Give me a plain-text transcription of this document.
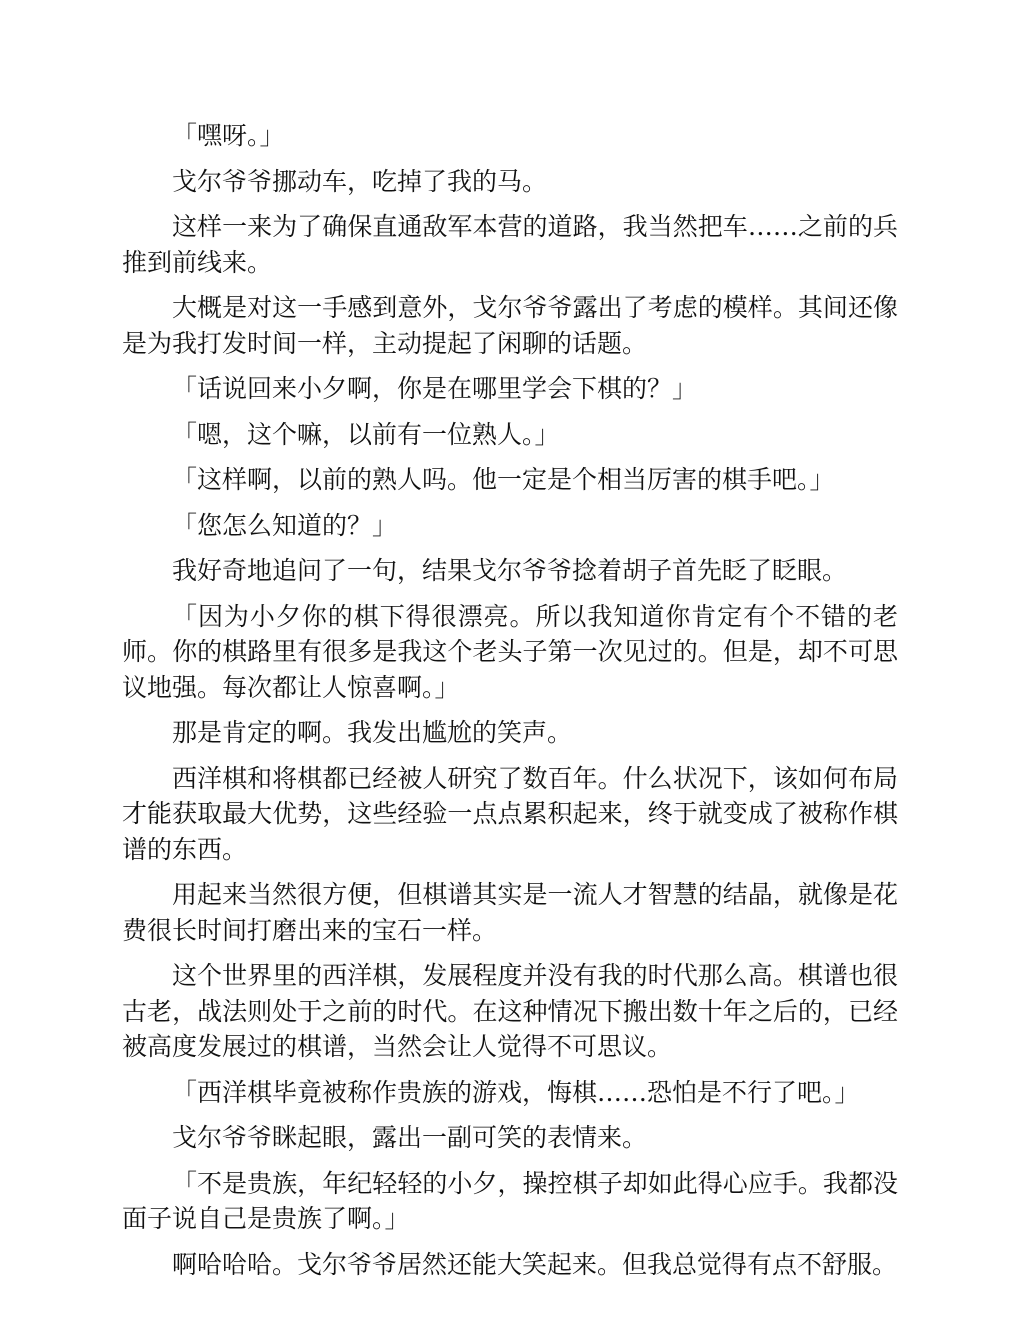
「嘿呀。」

戈尔爷爷挪动车，吃掉了我的马。

这样一来为了确保直通敌军本营的道路，我当然把车……之前的兵推到前线来。

大概是对这一手感到意外，戈尔爷爷露出了考虑的模样。其间还像是为我打发时间一样，主动提起了闲聊的话题。

「话说回来小夕啊，你是在哪里学会下棋的？」

「嗯，这个嘛，以前有一位熟人。」

「这样啊，以前的熟人吗。他一定是个相当厉害的棋手吧。」

「您怎么知道的？」

我好奇地追问了一句，结果戈尔爷爷捻着胡子首先眨了眨眼。

「因为小夕你的棋下得很漂亮。所以我知道你肯定有个不错的老师。你的棋路里有很多是我这个老头子第一次见过的。但是，却不可思议地强。每次都让人惊喜啊。」

那是肯定的啊。我发出尴尬的笑声。

西洋棋和将棋都已经被人研究了数百年。什么状况下，该如何布局才能获取最大优势，这些经验一点点累积起来，终于就变成了被称作棋谱的东西。

用起来当然很方便，但棋谱其实是一流人才智慧的结晶，就像是花费很长时间打磨出来的宝石一样。

这个世界里的西洋棋，发展程度并没有我的时代那么高。棋谱也很古老，战法则处于之前的时代。在这种情况下搬出数十年之后的，已经被高度发展过的棋谱，当然会让人觉得不可思议。

「西洋棋毕竟被称作贵族的游戏，悔棋……恐怕是不行了吧。」

戈尔爷爷眯起眼，露出一副可笑的表情来。

「不是贵族，年纪轻轻的小夕，操控棋子却如此得心应手。我都没面子说自己是贵族了啊。」

啊哈哈哈。戈尔爷爷居然还能大笑起来。但我总觉得有点不舒服。
